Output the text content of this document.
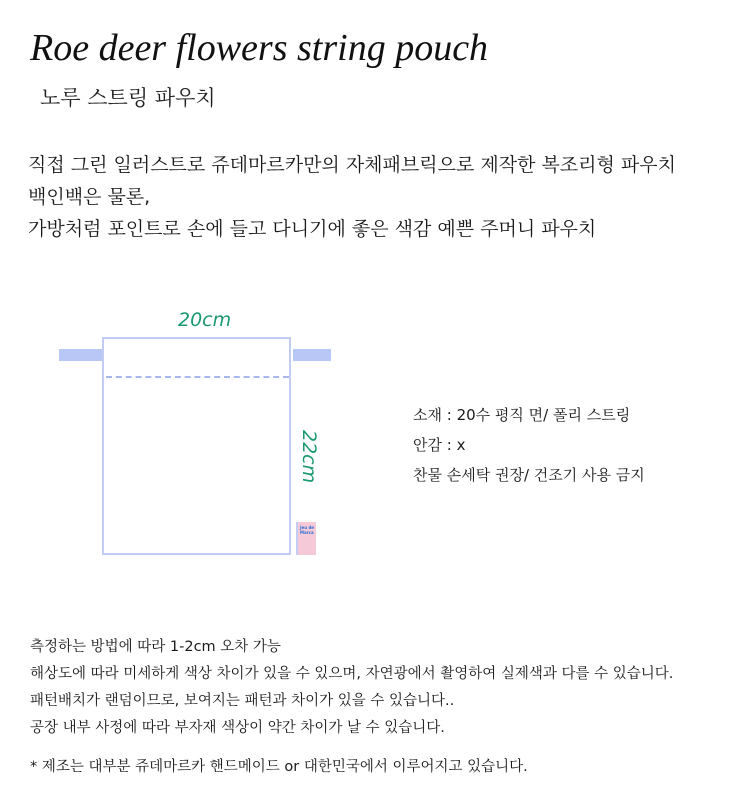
Roe deer flowers string pouch
노루 스트링 파우치
직접 그린 일러스트로 쥬데마르카만의 자체패브릭으로 제작한 복조리형 파우치
백인백은 물론,
가방처럼 포인트로 손에 들고 다니기에 좋은 색감 예쁜 주머니 파우치
20cm
22cm
Jeu de Marca
소재 : 20수 평직 면/ 폴리 스트링
안감 : x
찬물 손세탁 권장/ 건조기 사용 금지
측정하는 방법에 따라 1-2cm 오차 가능
해상도에 따라 미세하게 색상 차이가 있을 수 있으며, 자연광에서 촬영하여 실제색과 다를 수 있습니다.
패턴배치가 랜덤이므로, 보여지는 패턴과 차이가 있을 수 있습니다..
공장 내부 사정에 따라 부자재 색상이 약간 차이가 날 수 있습니다.
* 제조는 대부분 쥬데마르카 핸드메이드 or 대한민국에서 이루어지고 있습니다.
